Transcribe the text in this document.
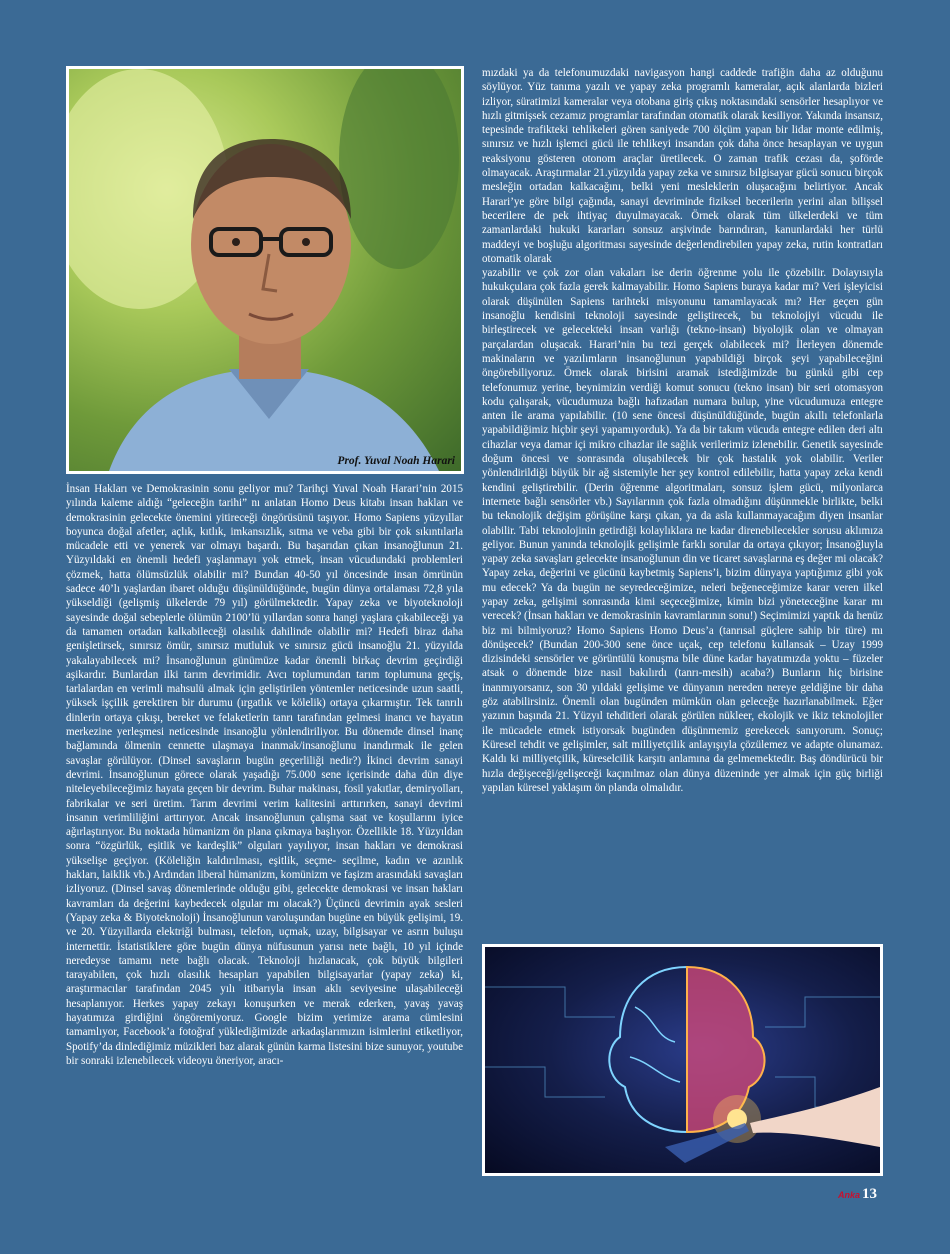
Prof. Yuval Noah Harari

İnsan Hakları ve Demokrasinin sonu geliyor mu? Tarihçi Yuval Noah Harari’nin 2015 yılında kaleme aldığı “geleceğin tarihi” nı anlatan Homo Deus kitabı insan hakları ve demokrasinin gelecekte önemini yitireceği öngörüsünü taşıyor. Homo Sapiens yüzyıllar boyunca doğal afetler, açlık, kıtlık, imkansızlık, sıtma ve veba gibi bir çok sıkıntılarla mücadele etti ve yenerek var olmayı başardı. Bu başarıdan çıkan insanoğlunun 21. Yüzyıldaki en önemli hedefi yaşlanmayı yok etmek, insan vücudundaki problemleri çözmek, hatta ölümsüzlük olabilir mi? Bundan 40-50 yıl öncesinde insan ömrünün sadece 40’lı yaşlardan ibaret olduğu düşünüldüğünde, bugün dünya ortalaması 72,8 yıla yükseldiği (gelişmiş ülkelerde 79 yıl) görülmektedir. Yapay zeka ve biyoteknoloji sayesinde doğal sebeplerle ölümün 2100’lü yıllardan sonra hangi yaşlara çıkabileceği ya da tamamen ortadan kalkabileceği olasılık dahilinde olabilir mi? Hedefi biraz daha genişletirsek, sınırsız ömür, sınırsız mutluluk ve sınırsız gücü insanoğlu 21. yüzyılda yakalayabilecek mi? İnsanoğlunun günümüze kadar önemli birkaç devrim geçirdiği aşikardır. Bunlardan ilki tarım devrimidir. Avcı toplumundan tarım toplumuna geçiş, tarlalardan en verimli mahsulü almak için geliştirilen yöntemler neticesinde uzun saatli, yüksek işçilik gerektiren bir durumu (ırgatlık ve kölelik) ortaya çıkarmıştır. Tek tanrılı dinlerin ortaya çıkışı, bereket ve felaketlerin tanrı tarafından gelmesi inancı ve hayatın merkezine yerleşmesi neticesinde insanoğlu yönlendiriliyor. Bu dönemde dinsel inanç bağlamında ölmenin cennette ulaşmaya inanmak/insanoğlunu inandırmak ile gelen savaşlar görülüyor. (Dinsel savaşların bugün geçerliliği nedir?) İkinci devrim sanayi devrimi. İnsanoğlunun görece olarak yaşadığı 75.000 sene içerisinde daha dün diye niteleyebileceğimiz hayata geçen bir devrim. Buhar makinası, fosil yakıtlar, demiryolları, fabrikalar ve seri üretim. Tarım devrimi verim kalitesini arttırırken, sanayi devrimi insanın verimliliğini arttırıyor. Ancak insanoğlunun çalışma saat ve koşullarını iyice ağırlaştırıyor. Bu noktada hümanizm ön plana çıkmaya başlıyor. Özellikle 18. Yüzyıldan sonra “özgürlük, eşitlik ve kardeşlik” olguları yayılıyor, insan hakları ve demokrasi yükselişe geçiyor. (Köleliğin kaldırılması, eşitlik, seçme- seçilme, kadın ve azınlık hakları, laiklik vb.) Ardından liberal hümanizm, komünizm ve faşizm arasındaki savaşları izliyoruz. (Dinsel savaş dönemlerinde olduğu gibi, gelecekte demokrasi ve insan hakları kavramları da değerini kaybedecek olgular mı olacak?) Üçüncü devrimin ayak sesleri (Yapay zeka & Biyoteknoloji) İnsanoğlunun varoluşundan bugüne en büyük gelişimi, 19. ve 20. Yüzyıllarda elektriği bulması, telefon, uçmak, uzay, bilgisayar ve asrın buluşu internettir. İstatistiklere göre bugün dünya nüfusunun yarısı nete bağlı, 10 yıl içinde neredeyse tamamı nete bağlı olacak. Teknoloji hızlanacak, çok büyük bilgileri tarayabilen, çok hızlı olasılık hesapları yapabilen bilgisayarlar (yapay zeka) ki, araştırmacılar tarafından 2045 yılı itibarıyla insan aklı seviyesine ulaşabileceği hesaplanıyor. Herkes yapay zekayı konuşurken ve merak ederken, yavaş yavaş hayatımıza girdiğini öngöremiyoruz. Google bizim yerimize arama cümlesini tamamlıyor, Facebook’a fotoğraf yüklediğimizde arkadaşlarımızın isimlerini etiketliyor, Spotify’da dinlediğimiz müzikleri baz alarak günün karma listesini bize sunuyor, youtube bir sonraki izlenebilecek videoyu öneriyor, aracı-

mızdaki ya da telefonumuzdaki navigasyon hangi caddede trafiğin daha az olduğunu söylüyor. Yüz tanıma yazılı ve yapay zeka programlı kameralar, açık alanlarda bizleri izliyor, süratimizi kameralar veya otobana giriş çıkış noktasındaki sensörler hesaplıyor ve hızlı gitmişsek cezamız programlar tarafından otomatik olarak kesiliyor. Yakında insansız, tepesinde trafikteki tehlikeleri gören saniyede 700 ölçüm yapan bir lidar monte edilmiş, sınırsız ve hızlı işlemci gücü ile tehlikeyi insandan çok daha önce hesaplayan ve uygun reaksiyonu gösteren otonom araçlar üretilecek. O zaman trafik cezası da, şoförde olmayacak. Araştırmalar 21.yüzyılda yapay zeka ve sınırsız bilgisayar gücü sonucu birçok mesleğin ortadan kalkacağını, belki yeni mesleklerin oluşacağını belirtiyor. Ancak Harari’ye göre bilgi çağında, sanayi devriminde fiziksel becerilerin yerini alan bilişsel becerilere de pek ihtiyaç duyulmayacak. Örnek olarak tüm ülkelerdeki ve tüm zamanlardaki hukuki kararları sonsuz arşivinde barındıran, kanunlardaki her türlü maddeyi ve boşluğu algoritması sayesinde değerlendirebilen yapay zeka, rutin kontratları otomatik olarak

yazabilir ve çok zor olan vakaları ise derin öğrenme yolu ile çözebilir. Dolayısıyla hukukçulara çok fazla gerek kalmayabilir. Homo Sapiens buraya kadar mı? Veri işleyicisi olarak düşünülen Sapiens tarihteki misyonunu tamamlayacak mı? Her geçen gün insanoğlu kendisini teknoloji sayesinde geliştirecek, bu teknolojiyi vücudu ile birleştirecek ve gelecekteki insan varlığı (tekno-insan) biyolojik olan ve olmayan parçalardan oluşacak. Harari’nin bu tezi gerçek olabilecek mi? İlerleyen dönemde makinaların ve yazılımların insanoğlunun yapabildiği birçok şeyi yapabileceğini öngörebiliyoruz. Örnek olarak birisini aramak istediğimizde bu günkü gibi cep telefonumuz yerine, beynimizin verdiği komut sonucu (tekno insan) bir seri otomasyon kodu çalışarak, vücudumuza bağlı hafızadan numara bulup, yine vücudumuza entegre anten ile arama yapılabilir. (10 sene öncesi düşünüldüğünde, bugün akıllı telefonlarla yapabildiğimiz hiçbir şeyi yapamıyorduk). Ya da bir takım vücuda entegre edilen deri altı cihazlar veya damar içi mikro cihazlar ile sağlık verilerimiz izlenebilir. Genetik sayesinde doğum öncesi ve sonrasında oluşabilecek bir çok hastalık yok olabilir. Veriler yönlendirildiği büyük bir ağ sistemiyle her şey kontrol edilebilir, hatta yapay zeka kendi kendini geliştirebilir. (Derin öğrenme algoritmaları, sonsuz işlem gücü, milyonlarca internete bağlı sensörler vb.) Sayılarının çok fazla olmadığını düşünmekle birlikte, belki bu teknolojik değişim görüşüne karşı çıkan, ya da asla kullanmayacağım diyen insanlar olabilir. Tabi teknolojinin getirdiği kolaylıklara ne kadar direnebilecekler sorusu aklımıza geliyor. Bunun yanında teknolojik gelişimle farklı sorular da ortaya çıkıyor; İnsanoğluyla yapay zeka savaşları gelecekte insanoğlunun din ve ticaret savaşlarına eş değer mi olacak? Yapay zeka, değerini ve gücünü kaybetmiş Sapiens’i, bizim dünyaya yaptığımız gibi yok mu edecek? Ya da bugün ne seyredeceğimize, neleri beğeneceğimize karar veren ilkel yapay zeka, gelişimi sonrasında kimi seçeceğimize, kimin bizi yöneteceğine karar mı verecek? (İnsan hakları ve demokrasinin kavramlarının sonu!) Seçimimizi yaptık da henüz biz mi bilmiyoruz? Homo Sapiens Homo Deus’a (tanrısal güçlere sahip bir türe) mı dönüşecek? (Bundan 200-300 sene önce uçak, cep telefonu kullansak – Uzay 1999 dizisindeki sensörler ve görüntülü konuşma bile düne kadar hayatımızda yoktu – füzeler atsak o dönemde bize nasıl bakılırdı (tanrı-mesih) acaba?) Bunların hiç birisine inanmıyorsanız, son 30 yıldaki gelişime ve dünyanın nereden nereye geldiğine bir daha göz atabilirsiniz. Önemli olan bugünden mümkün olan geleceğe hazırlanabilmek. Eğer yazının başında 21. Yüzyıl tehditleri olarak görülen nükleer, ekolojik ve ikiz teknolojiler ile mücadele etmek istiyorsak bugünden düşünmemiz gerekecek sanıyorum. Sonuç; Küresel tehdit ve gelişimler, salt milliyetçilik anlayışıyla çözülemez ve adapte olunamaz. Kaldı ki milliyetçilik, küreselcilik karşıtı anlamına da gelmemektedir. Baş döndürücü bir hızla değişeceği/gelişeceği kaçınılmaz olan dünya düzeninde yer almak için güç birliği yapılan küresel yaklaşım ön planda olmalıdır.

Anka 13
